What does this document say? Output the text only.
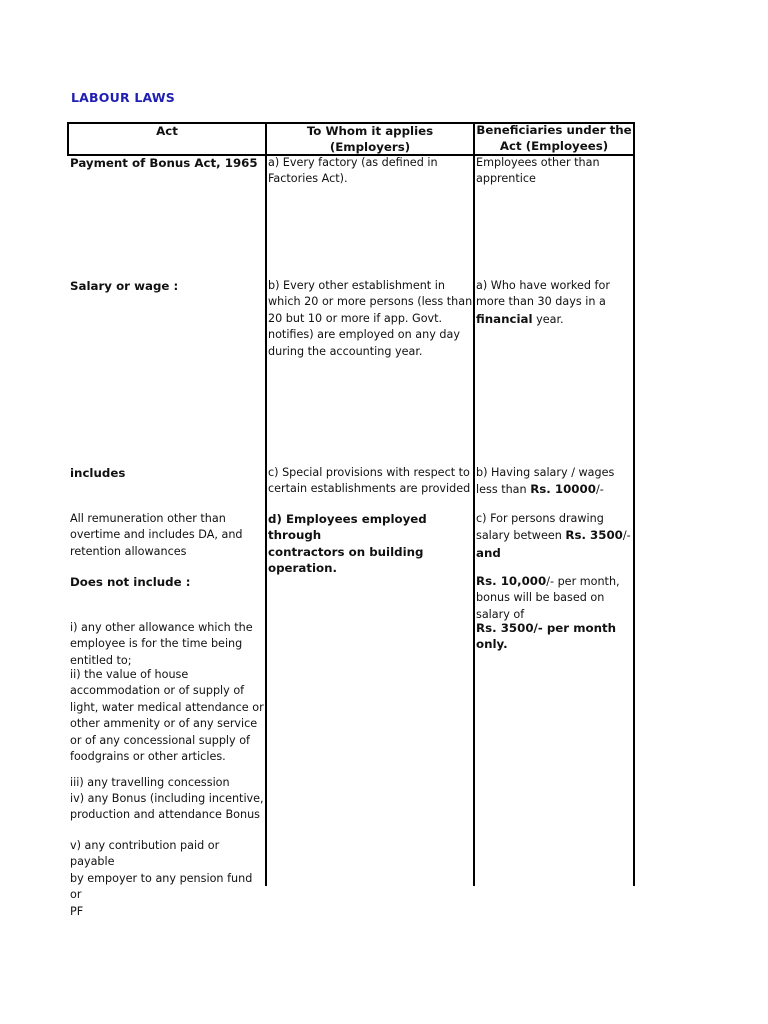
LABOUR LAWS
Act	To Whom it applies (Employers)
Beneficiaries under the
Act (Employees)
Payment of Bonus Act, 1965
Salary or wage :
includes
All remuneration other than
overtime and includes DA, and
retention allowances
Does not include :
i) any other allowance which the
employee is for the time being
entitled to;
ii) the value of house
accommodation or of supply of
light, water medical attendance or
other ammenity or of any service
or of any concessional supply of
foodgrains or other articles.
iii) any travelling concession
iv) any Bonus (including incentive,
production and attendance Bonus
v) any contribution paid or payable
by empoyer to any pension fund or
PF
a) Every factory (as defined in
Factories Act).
b) Every other establishment in
which 20 or more persons (less than
20 but 10 or more if app. Govt.
notifies) are employed on any day
during the accounting year.
c) Special provisions with respect to
certain establishments are provided
d) Employees employed through
contractors on building
operation.
Employees other than
apprentice
a) Who have worked for
more than 30 days in a
financial year.
b) Having salary / wages
less than Rs. 10000/-
c) For persons drawing
salary between Rs. 3500/-
and
Rs. 10,000/- per month,
bonus will be based on
salary of
Rs. 3500/- per month
only.
